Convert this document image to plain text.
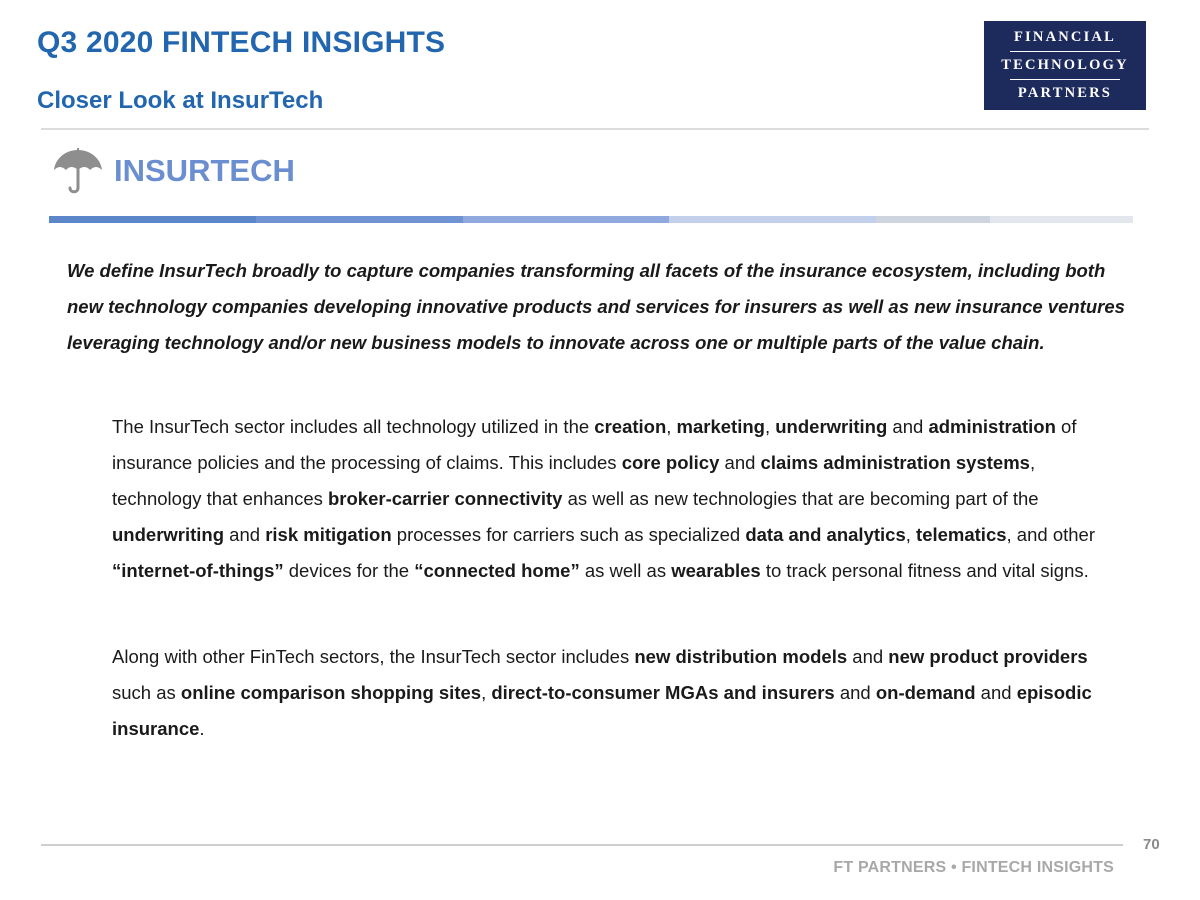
Q3 2020 FINTECH INSIGHTS
Closer Look at InsurTech
FINANCIAL
TECHNOLOGY
PARTNERS
INSURTECH
We define InsurTech broadly to capture companies transforming all facets of the insurance ecosystem, including both new technology companies developing innovative products and services for insurers as well as new insurance ventures leveraging technology and/or new business models to innovate across one or multiple parts of the value chain.
The InsurTech sector includes all technology utilized in the creation, marketing, underwriting and administration of insurance policies and the processing of claims. This includes core policy and claims administration systems, technology that enhances broker-carrier connectivity as well as new technologies that are becoming part of the underwriting and risk mitigation processes for carriers such as specialized data and analytics, telematics, and other “internet-of-things” devices for the “connected home” as well as wearables to track personal fitness and vital signs.
Along with other FinTech sectors, the InsurTech sector includes new distribution models and new product providers such as online comparison shopping sites, direct-to-consumer MGAs and insurers and on-demand and episodic insurance.
70
FT PARTNERS • FINTECH INSIGHTS
